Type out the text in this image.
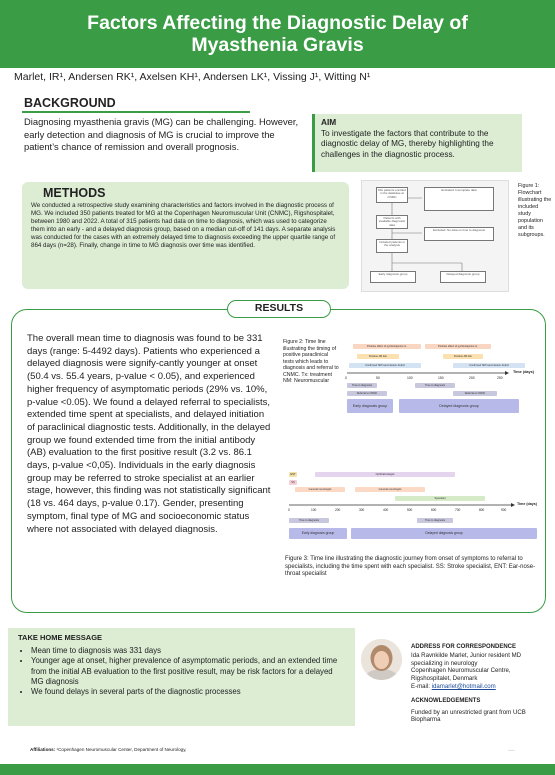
Factors Affecting the Diagnostic Delay of
Myasthenia Gravis
Marlet, IR¹, Andersen RK¹, Axelsen KH¹, Andersen LK¹, Vissing J¹, Witting N¹
BACKGROUND
Diagnosing myasthenia gravis (MG) can be challenging. However, early detection and diagnosis of MG is crucial to improve the patient’s chance of remission and overall prognosis.
AIM
To investigate the factors that contribute to the diagnostic delay of MG, thereby highlighting the challenges in the diagnostic process.
METHODS
We conducted a retrospective study examining characteristics and factors involved in the diagnostic process of MG. We included 350 patients treated for MG at the Copenhagen Neuromuscular Unit (CNMC), Rigshospitalet, between 1980 and 2022. A total of 315 patients had data on time to diagnosis, which was used to categorize them into an early - and a delayed diagnosis group, based on a median cut-off of 141 days. A separate analysis was conducted for the cases with an extremely delayed time to diagnosis exceeding the upper quartile range of 864 days (n=28). Finally, change in time to MG diagnosis over time was identified.
MG patients enrolled in the database at CNMC
Excluded: Incomplete data
Patients with available diagnostic data
Excluded: No data on time to diagnosis
Included patients in the analysis
Early diagnosis group	Delayed diagnosis group
Figure 1: Flowchart illustrating the included study population and its subgroups.
RESULTS
The overall mean time to diagnosis was found to be 331 days (range: 5-4492 days). Patients who experienced a delayed diagnosis were signify-cantly younger at onset (50.4 vs. 55.4 years, p-value < 0.05), and experienced higher frequency of asymptomatic periods (29% vs. 10%, p-value <0.05). We found a delayed referral to specialists, extended time spent at specialists, and delayed initiation of paraclinical diagnostic tests. Additionally, in the delayed group we found extended time from the initial antibody (AB) evaluation to the first positive result (3.2 vs. 86.1 days, p-value <0,05). Individuals in the early diagnosis group may be referred to stroke specialist at an earlier stage, however, this finding was not statistically significant (18 vs. 464 days, p-value 0.17). Gender, presenting symptom, final type of MG and socioeconomic status where not associated with delayed diagnosis.
Figure 2: Time line illustrating the timing of positive paraclinical tests which leads to diagnosis and referral to CNMC. Tx: treatment NM: Neuromuscular
Positive effect of pyridostigmine tx.	Positive effect of pyridostigmine tx.
Positive AB titer	Positive AB titer
Confirmed NM transmission defect	Confirmed NM transmission defect
0	50	100	150	200	250
Time (days)
Time to diagnosis	Time to diagnosis
Referral to CNMC	Referral to CNMC
Early diagnosis group	Delayed diagnosis group
ENT
SS
Ophthalmologist
General neurologist	General neurologist
Specialist
0	100	200	300	400	500	600	700	800	900
Time (days)
Time to diagnosis	Time to diagnosis
Early diagnosis group	Delayed diagnosis group
Figure 3: Time line illustrating the diagnostic journey from onset of symptoms to referral to specialists, including the time spent with each specialist. SS: Stroke specialist, ENT: Ear-nose-throat specialist
TAKE HOME MESSAGE
• Mean time to diagnosis was 331 days
• Younger age at onset, higher prevalence of asymptomatic periods, and an extended time from the initial AB evaluation to the first positive result, may be risk factors for a delayed MG diagnosis
• We found delays in several parts of the diagnostic processes
ADDRESS FOR CORRESPONDENCE
Ida Ravnkilde Marlet, Junior resident MD
specializing in neurology
Copenhagen Neuromuscular Centre,
Rigshospitalet, Denmark
E-mail: idamarlet@hotmail.com
ACKNOWLEDGEMENTS
Funded by an unrestricted grant from UCB Biopharma
Affiliations: ¹Copenhagen Neuromuscular Center, Department of Neurology,	◦◦◦◦
